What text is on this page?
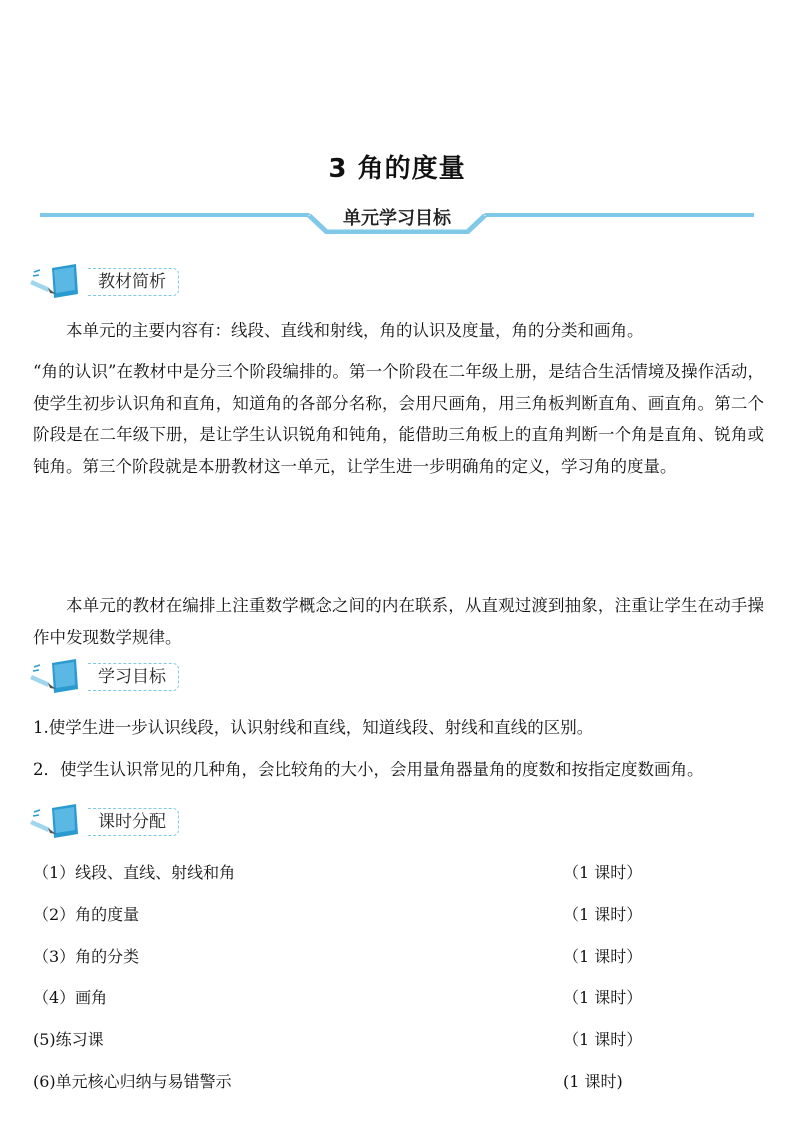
3 角的度量
单元学习目标
教材简析

本单元的主要内容有：线段、直线和射线，角的认识及度量，角的分类和画角。

“角的认识”在教材中是分三个阶段编排的。第一个阶段在二年级上册，是结合生活情境及操作活动，使学生初步认识角和直角，知道角的各部分名称，会用尺画角，用三角板判断直角、画直角。第二个阶段是在二年级下册，是让学生认识锐角和钝角，能借助三角板上的直角判断一个角是直角、锐角或钝角。第三个阶段就是本册教材这一单元，让学生进一步明确角的定义，学习角的度量。

本单元的教材在编排上注重数学概念之间的内在联系，从直观过渡到抽象，注重让学生在动手操作中发现数学规律。

学习目标
1.使学生进一步认识线段，认识射线和直线，知道线段、射线和直线的区别。
2．使学生认识常见的几种角，会比较角的大小，会用量角器量角的度数和按指定度数画角。
课时分配
（1）线段、直线、射线和角	（1 课时）
（2）角的度量	（1 课时）
（3）角的分类	（1 课时）
（4）画角	（1 课时）
(5)练习课	（1 课时）
(6)单元核心归纳与易错警示	(1 课时)
